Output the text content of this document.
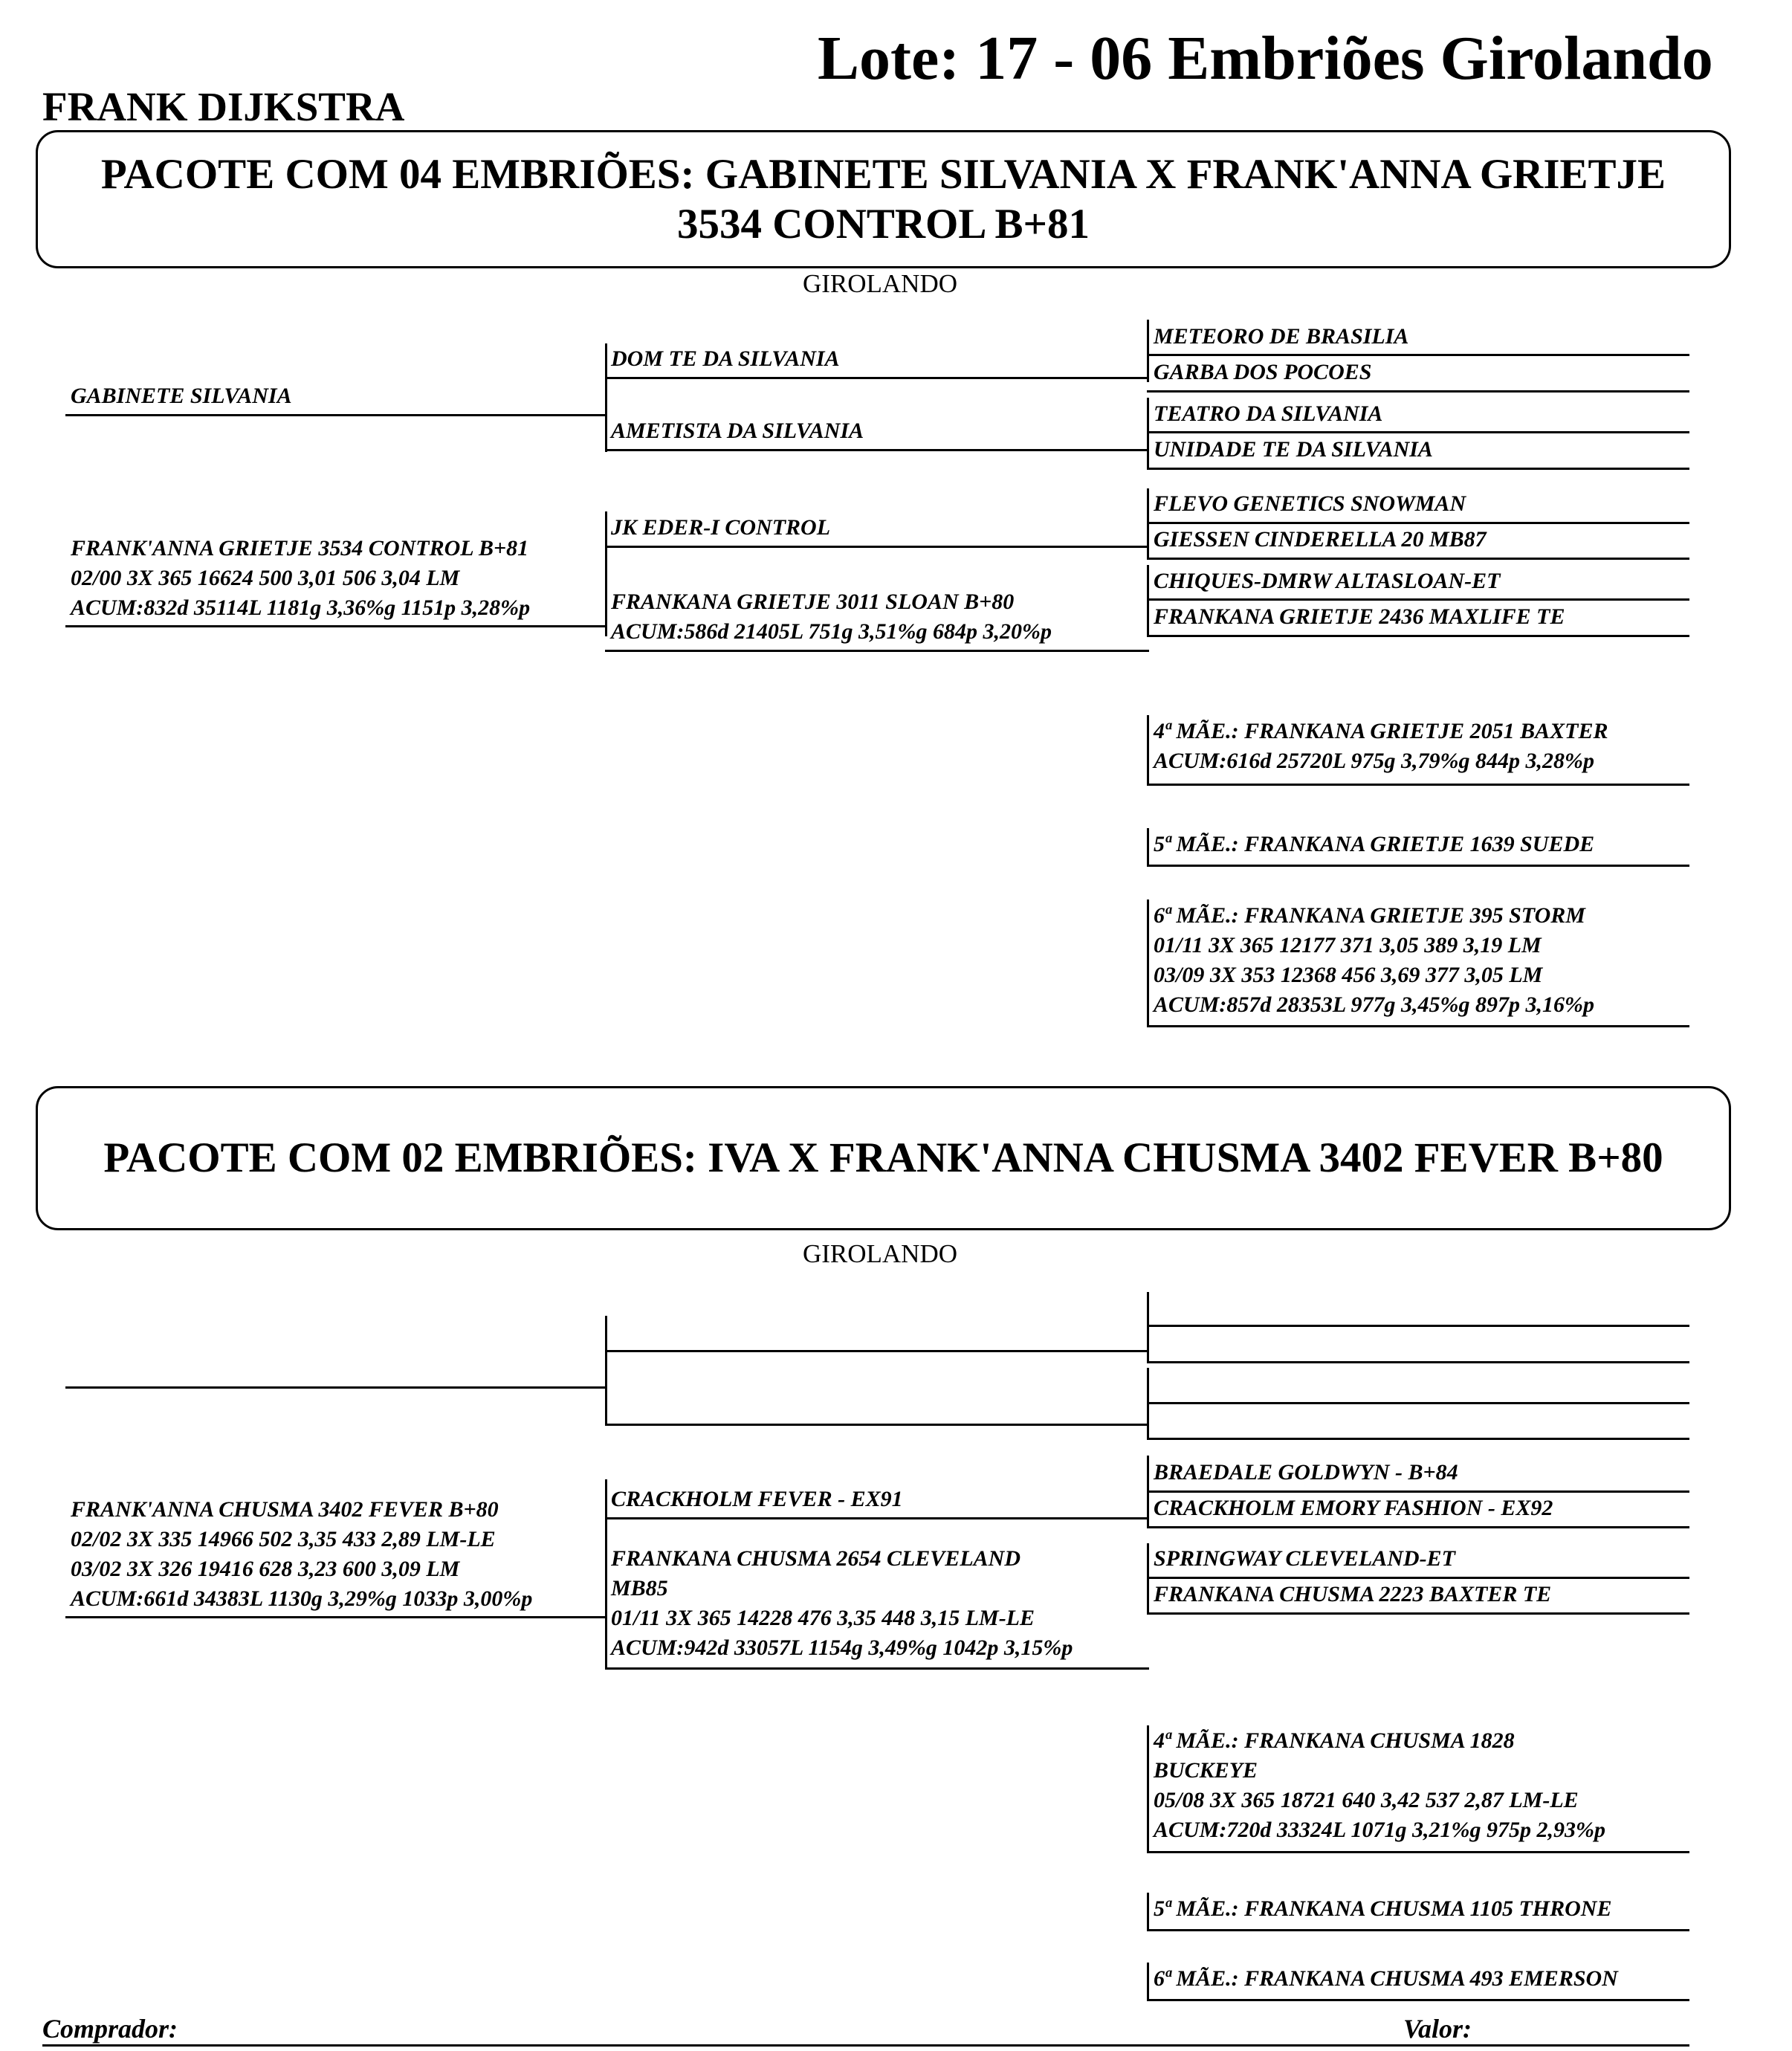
Lote: 17 - 06 Embriões Girolando
FRANK DIJKSTRA
PACOTE COM 04 EMBRIÕES: GABINETE SILVANIA X FRANK'ANNA GRIETJE
3534 CONTROL B+81
GIROLANDO
GABINETE SILVANIA
DOM TE DA SILVANIA
AMETISTA DA SILVANIA
METEORO DE BRASILIA
GARBA DOS POCOES
TEATRO DA SILVANIA
UNIDADE TE DA SILVANIA
FRANK'ANNA GRIETJE 3534 CONTROL B+81
02/00 3X 365 16624 500 3,01 506 3,04 LM
ACUM:832d 35114L 1181g 3,36%g 1151p 3,28%p
JK EDER-I CONTROL
FRANKANA GRIETJE 3011 SLOAN B+80
ACUM:586d 21405L 751g 3,51%g 684p 3,20%p
FLEVO GENETICS SNOWMAN
GIESSEN CINDERELLA 20 MB87
CHIQUES-DMRW ALTASLOAN-ET
FRANKANA GRIETJE 2436 MAXLIFE TE
4ª MÃE.: FRANKANA GRIETJE 2051 BAXTER
ACUM:616d 25720L 975g 3,79%g 844p 3,28%p
5ª MÃE.: FRANKANA GRIETJE 1639 SUEDE
6ª MÃE.: FRANKANA GRIETJE 395 STORM
01/11 3X 365 12177 371 3,05 389 3,19 LM
03/09 3X 353 12368 456 3,69 377 3,05 LM
ACUM:857d 28353L 977g 3,45%g 897p 3,16%p
PACOTE COM 02 EMBRIÕES: IVA X FRANK'ANNA CHUSMA 3402 FEVER B+80
GIROLANDO
FRANK'ANNA CHUSMA 3402 FEVER B+80
02/02 3X 335 14966 502 3,35 433 2,89 LM-LE
03/02 3X 326 19416 628 3,23 600 3,09 LM
ACUM:661d 34383L 1130g 3,29%g 1033p 3,00%p
CRACKHOLM FEVER - EX91
FRANKANA CHUSMA 2654 CLEVELAND
MB85
01/11 3X 365 14228 476 3,35 448 3,15 LM-LE
ACUM:942d 33057L 1154g 3,49%g 1042p 3,15%p
BRAEDALE GOLDWYN - B+84
CRACKHOLM EMORY FASHION - EX92
SPRINGWAY CLEVELAND-ET
FRANKANA CHUSMA 2223 BAXTER TE
4ª MÃE.: FRANKANA CHUSMA 1828
BUCKEYE
05/08 3X 365 18721 640 3,42 537 2,87 LM-LE
ACUM:720d 33324L 1071g 3,21%g 975p 2,93%p
5ª MÃE.: FRANKANA CHUSMA 1105 THRONE
6ª MÃE.: FRANKANA CHUSMA 493 EMERSON
Comprador:	Valor:
